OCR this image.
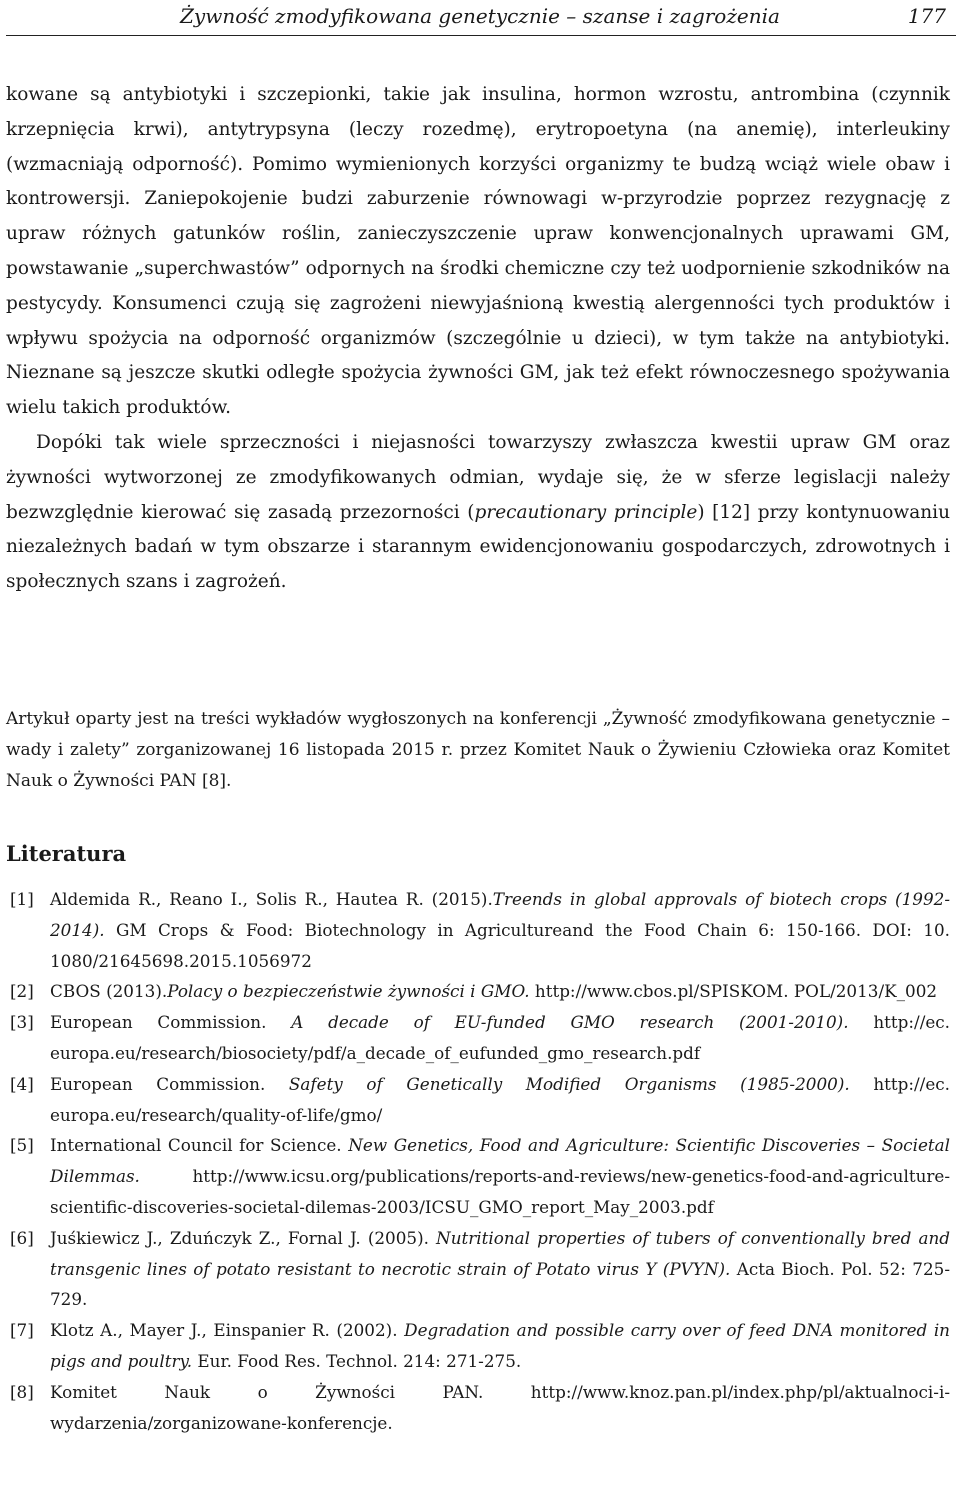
Żywność zmodyfikowana genetycznie – szanse i zagrożenia	177

kowane są antybiotyki i szczepionki, takie jak insulina, hormon wzrostu, antrombina (czynnik krzepnięcia krwi), antytrypsyna (leczy rozedmę), erytropoetyna (na anemię), interleukiny (wzmacniają odporność). Pomimo wymienionych korzyści organizmy te budzą wciąż wiele obaw i kontrowersji. Zaniepokojenie budzi zaburzenie równowagi w-przyrodzie poprzez rezygnację z upraw różnych gatunków roślin, zanieczyszczenie upraw konwencjonalnych uprawami GM, powstawanie „superchwastów” odpornych na środki chemiczne czy też uodpornienie szkodników na pestycydy. Konsumenci czują się zagrożeni niewyjaśnioną kwestią alergenności tych produktów i wpływu spożycia na odporność organizmów (szczególnie u dzieci), w tym także na antybiotyki. Nieznane są jeszcze skutki odległe spożycia żywności GM, jak też efekt równoczesnego spożywania wielu takich produktów.

Dopóki tak wiele sprzeczności i niejasności towarzyszy zwłaszcza kwestii upraw GM oraz żywności wytworzonej ze zmodyfikowanych odmian, wydaje się, że w sferze legislacji należy bezwzględnie kierować się zasadą przezorności (precautionary principle) [12] przy kontynuowaniu niezależnych badań w tym obszarze i starannym ewidencjonowaniu gospodarczych, zdrowotnych i społecznych szans i zagrożeń.

Artykuł oparty jest na treści wykładów wygłoszonych na konferencji „Żywność zmodyfikowana genetycznie – wady i zalety” zorganizowanej 16 listopada 2015 r. przez Komitet Nauk o Żywieniu Człowieka oraz Komitet Nauk o Żywności PAN [8].
Literatura
[1] Aldemida R., Reano I., Solis R., Hautea R. (2015).Treends in global approvals of biotech crops (1992-2014). GM Crops & Food: Biotechnology in Agricultureand the Food Chain 6: 150-166. DOI: 10. 1080/21645698.2015.1056972
[2] CBOS (2013).Polacy o bezpieczeństwie żywności i GMO. http://www.cbos.pl/SPISKOM. POL/2013/K_002
[3] European Commission. A decade of EU-funded GMO research (2001-2010). http://ec. europa.eu/research/biosociety/pdf/a_decade_of_eufunded_gmo_research.pdf
[4] European Commission. Safety of Genetically Modified Organisms (1985-2000). http://ec. europa.eu/research/quality-of-life/gmo/
[5] International Council for Science. New Genetics, Food and Agriculture: Scientific Discoveries – Societal Dilemmas. http://www.icsu.org/publications/reports-and-reviews/new-genetics-food-and-agriculture-scientific-discoveries-societal-dilemas-2003/ICSU_GMO_report_May_2003.pdf
[6] Juśkiewicz J., Zduńczyk Z., Fornal J. (2005). Nutritional properties of tubers of conventionally bred and transgenic lines of potato resistant to necrotic strain of Potato virus Y (PVYN). Acta Bioch. Pol. 52: 725-729.
[7] Klotz A., Mayer J., Einspanier R. (2002). Degradation and possible carry over of feed DNA monitored in pigs and poultry. Eur. Food Res. Technol. 214: 271-275.
[8] Komitet Nauk o Żywności PAN. http://www.knoz.pan.pl/index.php/pl/aktualnoci-i- wydarzenia/zorganizowane-konferencje.
